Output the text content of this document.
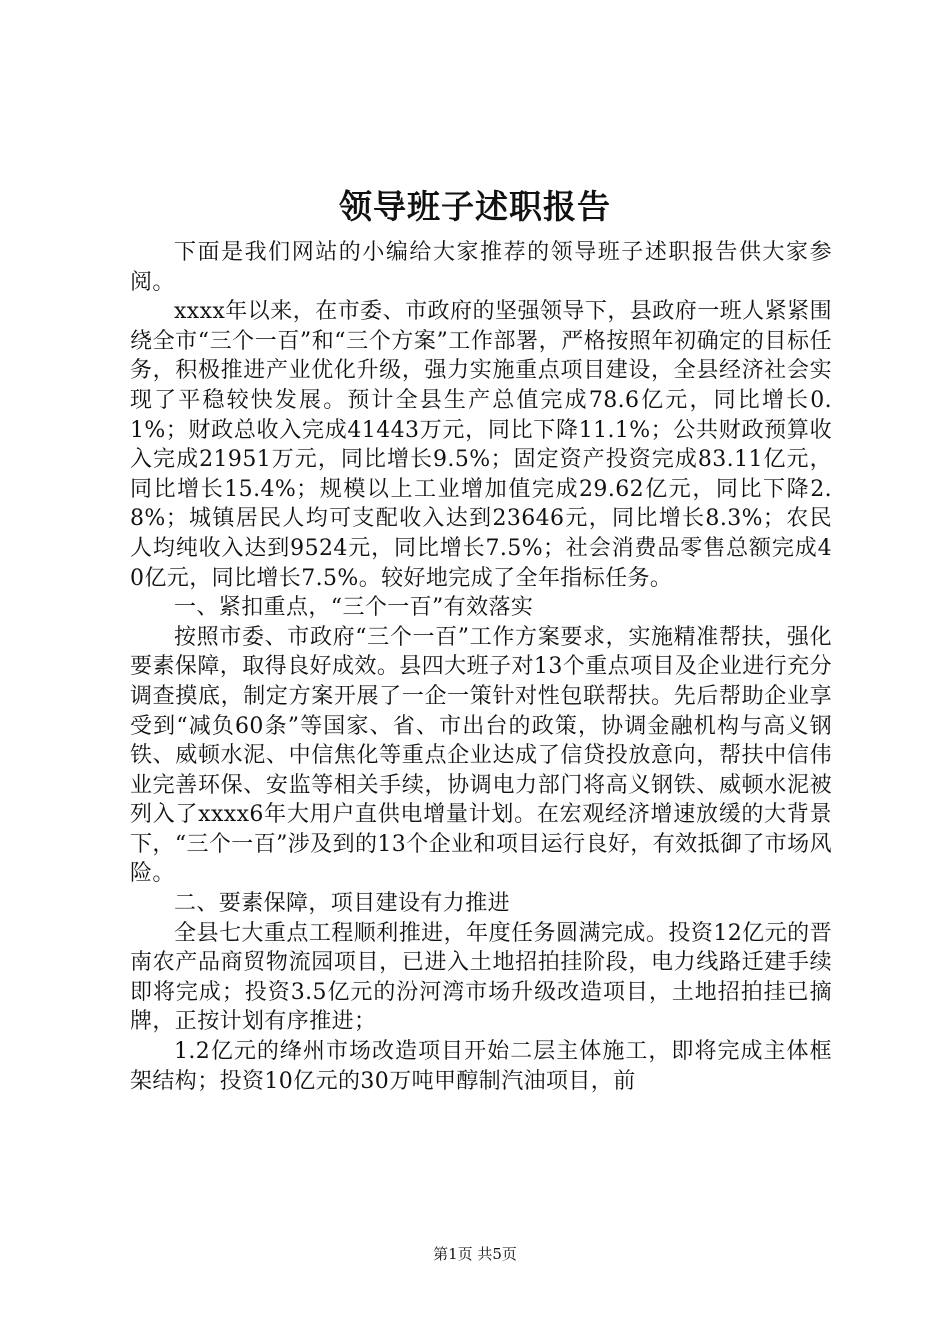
领导班子述职报告

下面是我们网站的小编给大家推荐的领导班子述职报告供大家参阅。

xxxx年以来，在市委、市政府的坚强领导下，县政府一班人紧紧围绕全市“三个一百”和“三个方案”工作部署，严格按照年初确定的目标任务，积极推进产业优化升级，强力实施重点项目建设，全县经济社会实现了平稳较快发展。预计全县生产总值完成78.6亿元，同比增长0.1%；财政总收入完成41443万元，同比下降11.1%；公共财政预算收入完成21951万元，同比增长9.5%；固定资产投资完成83.11亿元，同比增长15.4%；规模以上工业增加值完成29.62亿元，同比下降2.8%；城镇居民人均可支配收入达到23646元，同比增长8.3%；农民人均纯收入达到9524元，同比增长7.5%；社会消费品零售总额完成40亿元，同比增长7.5%。较好地完成了全年指标任务。

一、紧扣重点，“三个一百”有效落实

按照市委、市政府“三个一百”工作方案要求，实施精准帮扶，强化要素保障，取得良好成效。县四大班子对13个重点项目及企业进行充分调查摸底，制定方案开展了一企一策针对性包联帮扶。先后帮助企业享受到“减负60条”等国家、省、市出台的政策，协调金融机构与高义钢铁、威顿水泥、中信焦化等重点企业达成了信贷投放意向，帮扶中信伟业完善环保、安监等相关手续，协调电力部门将高义钢铁、威顿水泥被列入了xxxx6年大用户直供电增量计划。在宏观经济增速放缓的大背景下，“三个一百”涉及到的13个企业和项目运行良好，有效抵御了市场风险。

二、要素保障，项目建设有力推进

全县七大重点工程顺利推进，年度任务圆满完成。投资12亿元的晋南农产品商贸物流园项目，已进入土地招拍挂阶段，电力线路迁建手续即将完成；投资3.5亿元的汾河湾市场升级改造项目，土地招拍挂已摘牌，正按计划有序推进；

1.2亿元的绛州市场改造项目开始二层主体施工，即将完成主体框架结构；投资10亿元的30万吨甲醇制汽油项目，前

第1页 共5页
